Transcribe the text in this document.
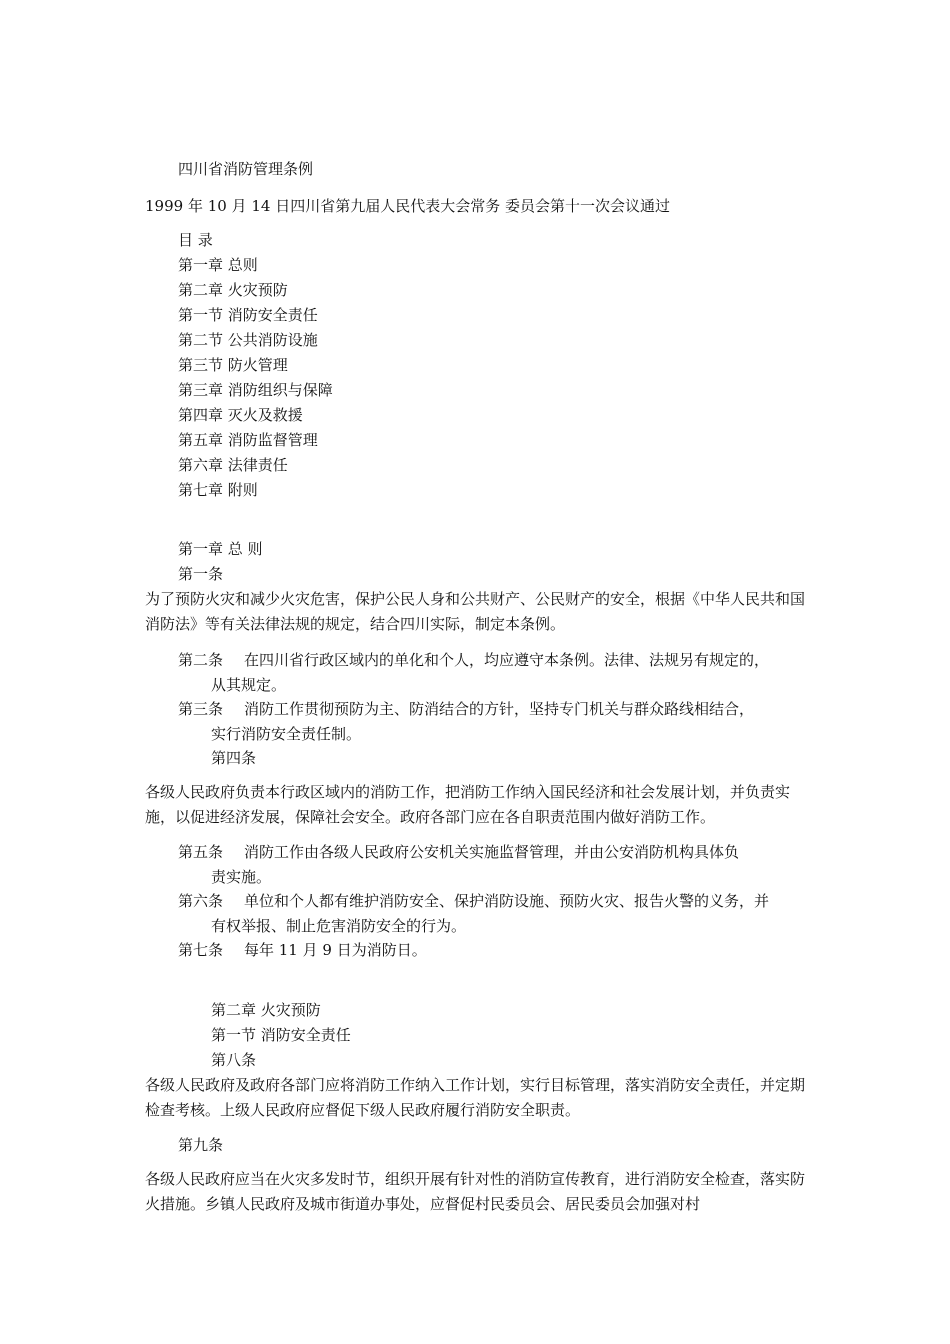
四川省消防管理条例
1999 年 10 月 14 日四川省第九届人民代表大会常务 委员会第十一次会议通过
目 录
第一章 总则
第二章 火灾预防
第一节 消防安全责任
第二节 公共消防设施
第三节 防火管理
第三章 消防组织与保障
第四章 灭火及救援
第五章 消防监督管理
第六章 法律责任
第七章 附则
第一章 总 则
第一条
为了预防火灾和减少火灾危害，保护公民人身和公共财产、公民财产的安全，根据《中华人民共和国消防法》等有关法律法规的规定，结合四川实际，制定本条例。
第二条 在四川省行政区域内的单化和个人，均应遵守本条例。法律、法规另有规定的，
从其规定。
第三条 消防工作贯彻预防为主、防消结合的方针，坚持专门机关与群众路线相结合，
实行消防安全责任制。
第四条
各级人民政府负责本行政区域内的消防工作，把消防工作纳入国民经济和社会发展计划，并负责实施，以促进经济发展，保障社会安全。政府各部门应在各自职责范围内做好消防工作。
第五条 消防工作由各级人民政府公安机关实施监督管理，并由公安消防机构具体负
责实施。
第六条 单位和个人都有维护消防安全、保护消防设施、预防火灾、报告火警的义务，并
有权举报、制止危害消防安全的行为。
第七条 每年 11 月 9 日为消防日。
第二章 火灾预防
第一节 消防安全责任
第八条
各级人民政府及政府各部门应将消防工作纳入工作计划，实行目标管理，落实消防安全责任，并定期检查考核。上级人民政府应督促下级人民政府履行消防安全职责。
第九条
各级人民政府应当在火灾多发时节，组织开展有针对性的消防宣传教育，进行消防安全检查，落实防火措施。乡镇人民政府及城市街道办事处，应督促村民委员会、居民委员会加强对村
